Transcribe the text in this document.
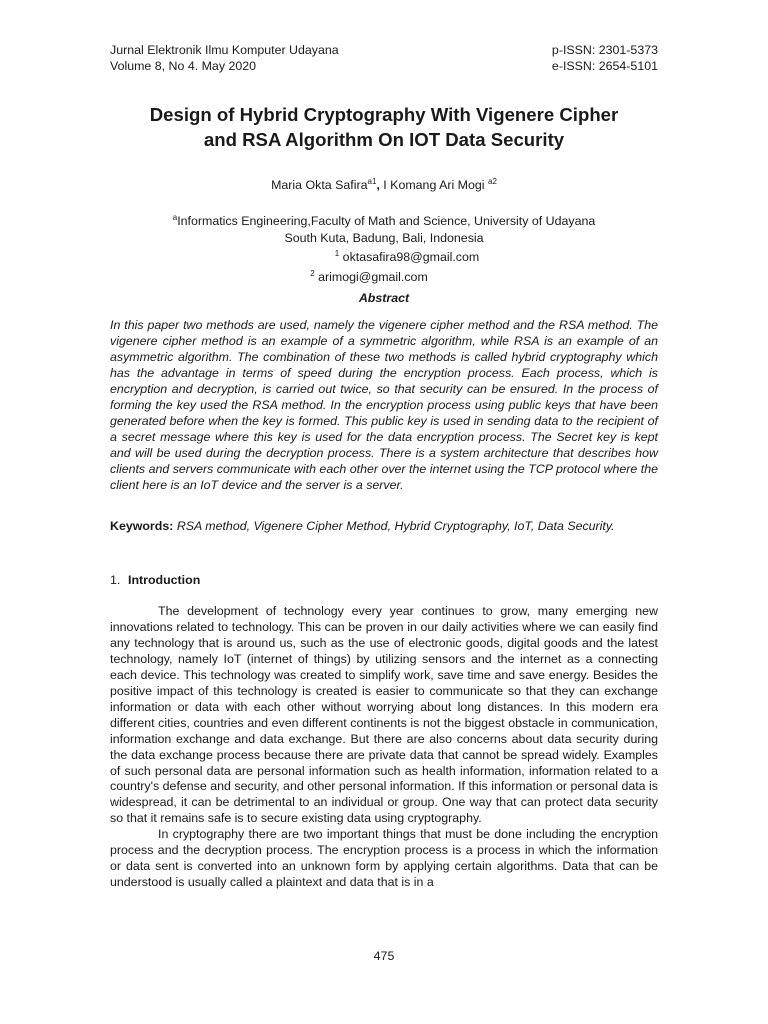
Jurnal Elektronik Ilmu Komputer Udayana	p-ISSN: 2301-5373
Volume 8, No 4. May 2020	e-ISSN: 2654-5101
Design of Hybrid Cryptography With Vigenere Cipher
and RSA Algorithm On IOT Data Security
Maria Okta Safira$^{a1}$, I Komang Ari Mogi $^{a2}$
$^a$Informatics Engineering,Faculty of Math and Science, University of Udayana
South Kuta, Badung, Bali, Indonesia
$^1$ oktasafira98@gmail.com
$^2$ arimogi@gmail.com
Abstract
In this paper two methods are used, namely the vigenere cipher method and the RSA method. The vigenere cipher method is an example of a symmetric algorithm, while RSA is an example of an asymmetric algorithm. The combination of these two methods is called hybrid cryptography which has the advantage in terms of speed during the encryption process. Each process, which is encryption and decryption, is carried out twice, so that security can be ensured. In the process of forming the key used the RSA method. In the encryption process using public keys that have been generated before when the key is formed. This public key is used in sending data to the recipient of a secret message where this key is used for the data encryption process. The Secret key is kept and will be used during the decryption process. There is a system architecture that describes how clients and servers communicate with each other over the internet using the TCP protocol where the client here is an IoT device and the server is a server.
Keywords: RSA method, Vigenere Cipher Method, Hybrid Cryptography, IoT, Data Security.
1. Introduction

The development of technology every year continues to grow, many emerging new innovations related to technology. This can be proven in our daily activities where we can easily find any technology that is around us, such as the use of electronic goods, digital goods and the latest technology, namely IoT (internet of things) by utilizing sensors and the internet as a connecting each device. This technology was created to simplify work, save time and save energy. Besides the positive impact of this technology is created is easier to communicate so that they can exchange information or data with each other without worrying about long distances. In this modern era different cities, countries and even different continents is not the biggest obstacle in communication, information exchange and data exchange. But there are also concerns about data security during the data exchange process because there are private data that cannot be spread widely. Examples of such personal data are personal information such as health information, information related to a country's defense and security, and other personal information. If this information or personal data is widespread, it can be detrimental to an individual or group. One way that can protect data security so that it remains safe is to secure existing data using cryptography.

In cryptography there are two important things that must be done including the encryption process and the decryption process. The encryption process is a process in which the information or data sent is converted into an unknown form by applying certain algorithms. Data that can be understood is usually called a plaintext and data that is in a

475
